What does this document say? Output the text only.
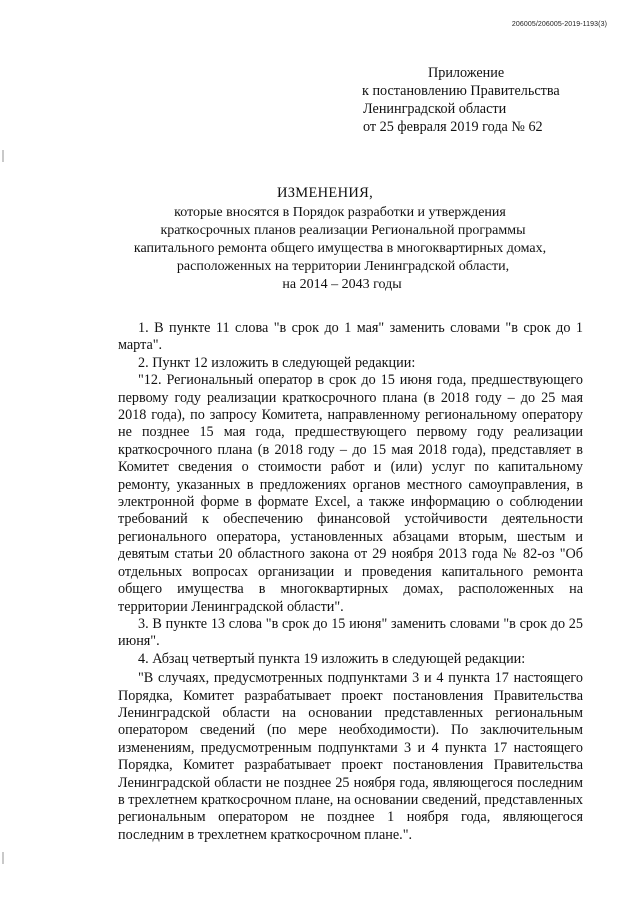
206005/206005-2019-1193(3)
Приложение
к постановлению Правительства
Ленинградской области
от 25 февраля 2019 года № 62
ИЗМЕНЕНИЯ,
которые вносятся в Порядок разработки и утверждения
краткосрочных планов реализации Региональной программы
капитального ремонта общего имущества в многоквартирных домах,
расположенных на территории Ленинградской области,
на 2014 – 2043 годы

1. В пункте 11 слова "в срок до 1 мая" заменить словами "в срок до 1 марта".

2. Пункт 12 изложить в следующей редакции:

"12. Региональный оператор в срок до 15 июня года, предшествующего первому году реализации краткосрочного плана (в 2018 году – до 25 мая 2018 года), по запросу Комитета, направленному региональному оператору не позднее 15 мая года, предшествующего первому году реализации краткосрочного плана (в 2018 году – до 15 мая 2018 года), представляет в Комитет сведения о стоимости работ и (или) услуг по капитальному ремонту, указанных в предложениях органов местного самоуправления, в электронной форме в формате Excel, а также информацию о соблюдении требований к обеспечению финансовой устойчивости деятельности регионального оператора, установленных абзацами вторым, шестым и девятым статьи 20 областного закона от 29 ноября 2013 года № 82-оз "Об отдельных вопросах организации и проведения капитального ремонта общего имущества в многоквартирных домах, расположенных на территории Ленинградской области".

3. В пункте 13 слова "в срок до 15 июня" заменить словами "в срок до 25 июня".

4. Абзац четвертый пункта 19 изложить в следующей редакции:

"В случаях, предусмотренных подпунктами 3 и 4 пункта 17 настоящего Порядка, Комитет разрабатывает проект постановления Правительства Ленинградской области на основании представленных региональным оператором сведений (по мере необходимости). По заключительным изменениям, предусмотренным подпунктами 3 и 4 пункта 17 настоящего Порядка, Комитет разрабатывает проект постановления Правительства Ленинградской области не позднее 25 ноября года, являющегося последним в трехлетнем краткосрочном плане, на основании сведений, представленных региональным оператором не позднее 1 ноября года, являющегося последним в трехлетнем краткосрочном плане.".
